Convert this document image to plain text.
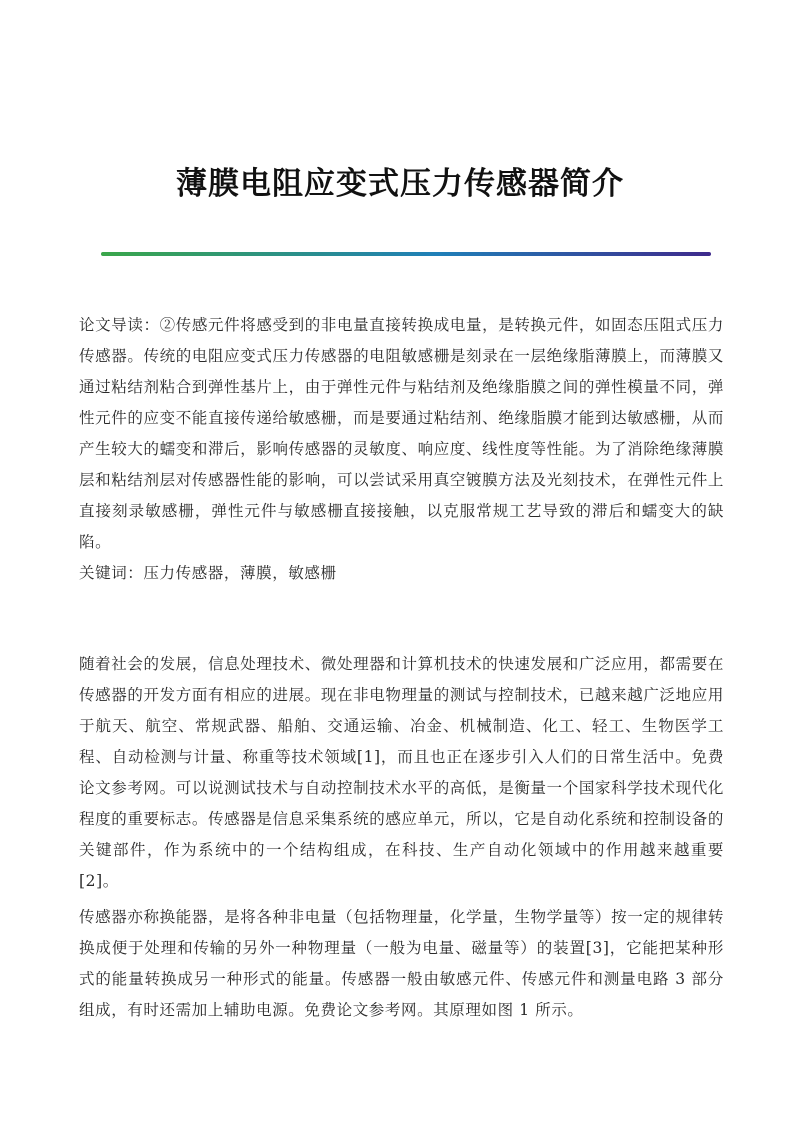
薄膜电阻应变式压力传感器简介

论文导读：②传感元件将感受到的非电量直接转换成电量，是转换元件，如固态压阻式压力传感器。传统的电阻应变式压力传感器的电阻敏感栅是刻录在一层绝缘脂薄膜上，而薄膜又通过粘结剂粘合到弹性基片上，由于弹性元件与粘结剂及绝缘脂膜之间的弹性模量不同，弹性元件的应变不能直接传递给敏感栅，而是要通过粘结剂、绝缘脂膜才能到达敏感栅，从而产生较大的蠕变和滞后，影响传感器的灵敏度、响应度、线性度等性能。为了消除绝缘薄膜层和粘结剂层对传感器性能的影响，可以尝试采用真空镀膜方法及光刻技术，在弹性元件上直接刻录敏感栅，弹性元件与敏感栅直接接触，以克服常规工艺导致的滞后和蠕变大的缺陷。

关键词：压力传感器，薄膜，敏感栅

随着社会的发展，信息处理技术、微处理器和计算机技术的快速发展和广泛应用，都需要在传感器的开发方面有相应的进展。现在非电物理量的测试与控制技术，已越来越广泛地应用于航天、航空、常规武器、船舶、交通运输、冶金、机械制造、化工、轻工、生物医学工程、自动检测与计量、称重等技术领域[1]，而且也正在逐步引入人们的日常生活中。免费论文参考网。可以说测试技术与自动控制技术水平的高低，是衡量一个国家科学技术现代化程度的重要标志。传感器是信息采集系统的感应单元，所以，它是自动化系统和控制设备的关键部件，作为系统中的一个结构组成，在科技、生产自动化领域中的作用越来越重要[2]。

传感器亦称换能器，是将各种非电量（包括物理量，化学量，生物学量等）按一定的规律转换成便于处理和传输的另外一种物理量（一般为电量、磁量等）的装置[3]，它能把某种形式的能量转换成另一种形式的能量。传感器一般由敏感元件、传感元件和测量电路 3 部分组成，有时还需加上辅助电源。免费论文参考网。其原理如图 1 所示。
